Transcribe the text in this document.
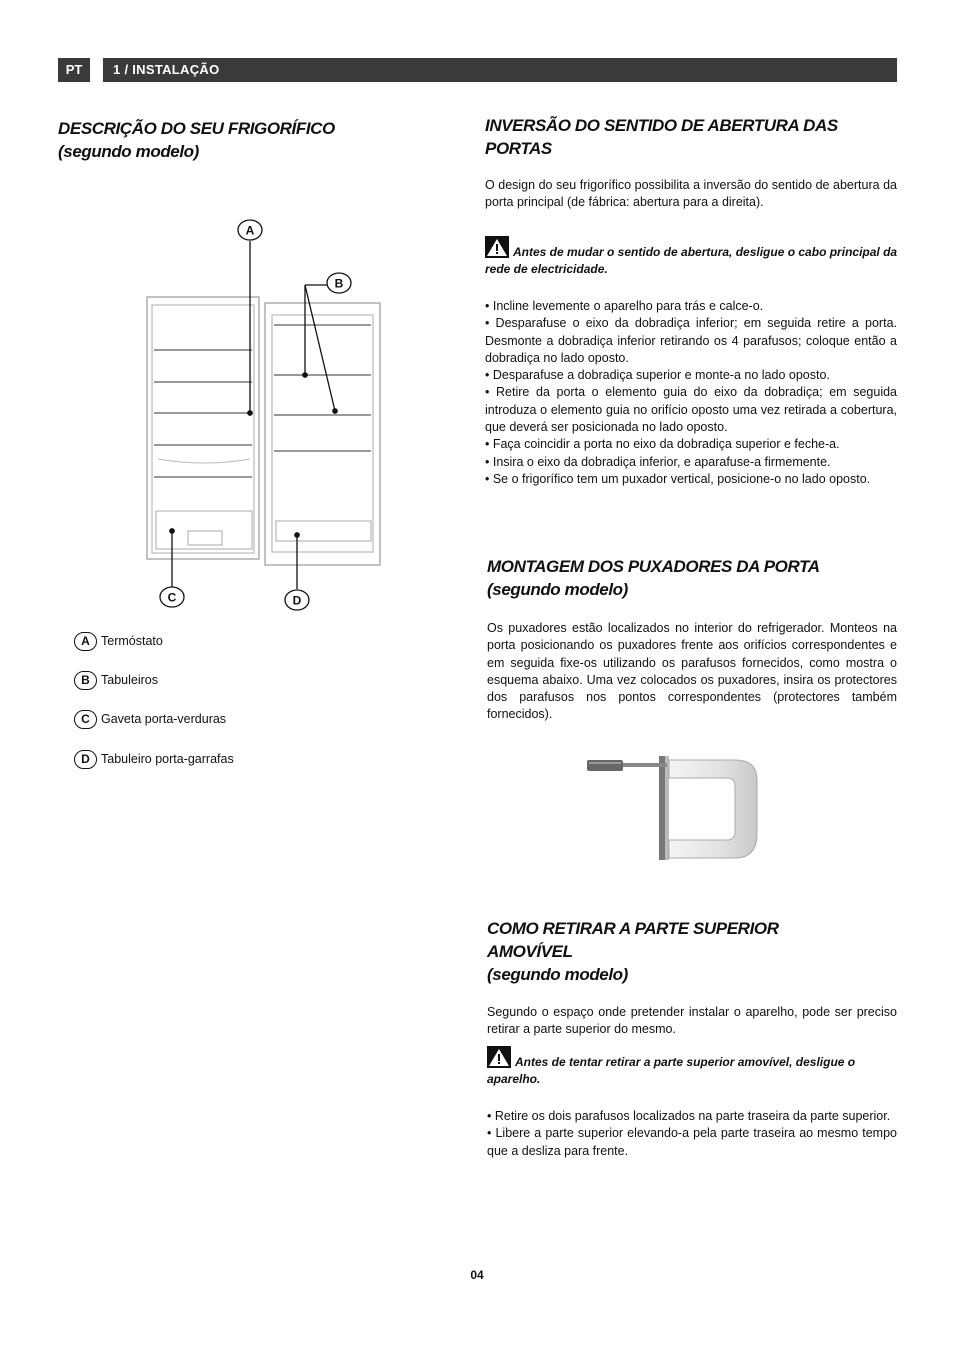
PT	1 / INSTALAÇÃO
DESCRIÇÃO DO SEU FRIGORÍFICO
(segundo modelo)
A
B
C	D
A Termóstato
B Tabuleiros
C Gaveta porta-verduras
D Tabuleiro porta-garrafas
INVERSÃO DO SENTIDO DE ABERTURA DAS
PORTAS
O design do seu frigorífico possibilita a inversão do sentido de abertura da porta principal (de fábrica: abertura para a direita).
Antes de mudar o sentido de abertura, desligue o cabo principal da rede de electricidade.
• Incline levemente o aparelho para trás e calce-o.
• Desparafuse o eixo da dobradiça inferior; em seguida retire a porta. Desmonte a dobradiça inferior retirando os 4 parafusos; coloque então a dobradiça no lado oposto.
• Desparafuse a dobradiça superior e monte-a no lado oposto.
• Retire da porta o elemento guia do eixo da dobradiça; em seguida introduza o elemento guia no orifício oposto uma vez retirada a cobertura, que deverá ser posicionada no lado oposto.
• Faça coincidir a porta no eixo da dobradiça superior e feche-a.
• Insira o eixo da dobradiça inferior, e aparafuse-a firmemente.
• Se o frigorífico tem um puxador vertical, posicione-o no lado oposto.
MONTAGEM DOS PUXADORES DA PORTA
(segundo modelo)
Os puxadores estão localizados no interior do refrigerador. Monteos na porta posicionando os puxadores frente aos orifícios correspondentes e em seguida fixe-os utilizando os parafusos fornecidos, como mostra o esquema abaixo. Uma vez colocados os puxadores, insira os protectores dos parafusos nos pontos correspondentes (protectores também fornecidos).
COMO RETIRAR A PARTE SUPERIOR
AMOVÍVEL
(segundo modelo)
Segundo o espaço onde pretender instalar o aparelho, pode ser preciso retirar a parte superior do mesmo.
Antes de tentar retirar a parte superior amovível, desligue o aparelho.
• Retire os dois parafusos localizados na parte traseira da parte superior.
• Libere a parte superior elevando-a pela parte traseira ao mesmo tempo que a desliza para frente.
04
